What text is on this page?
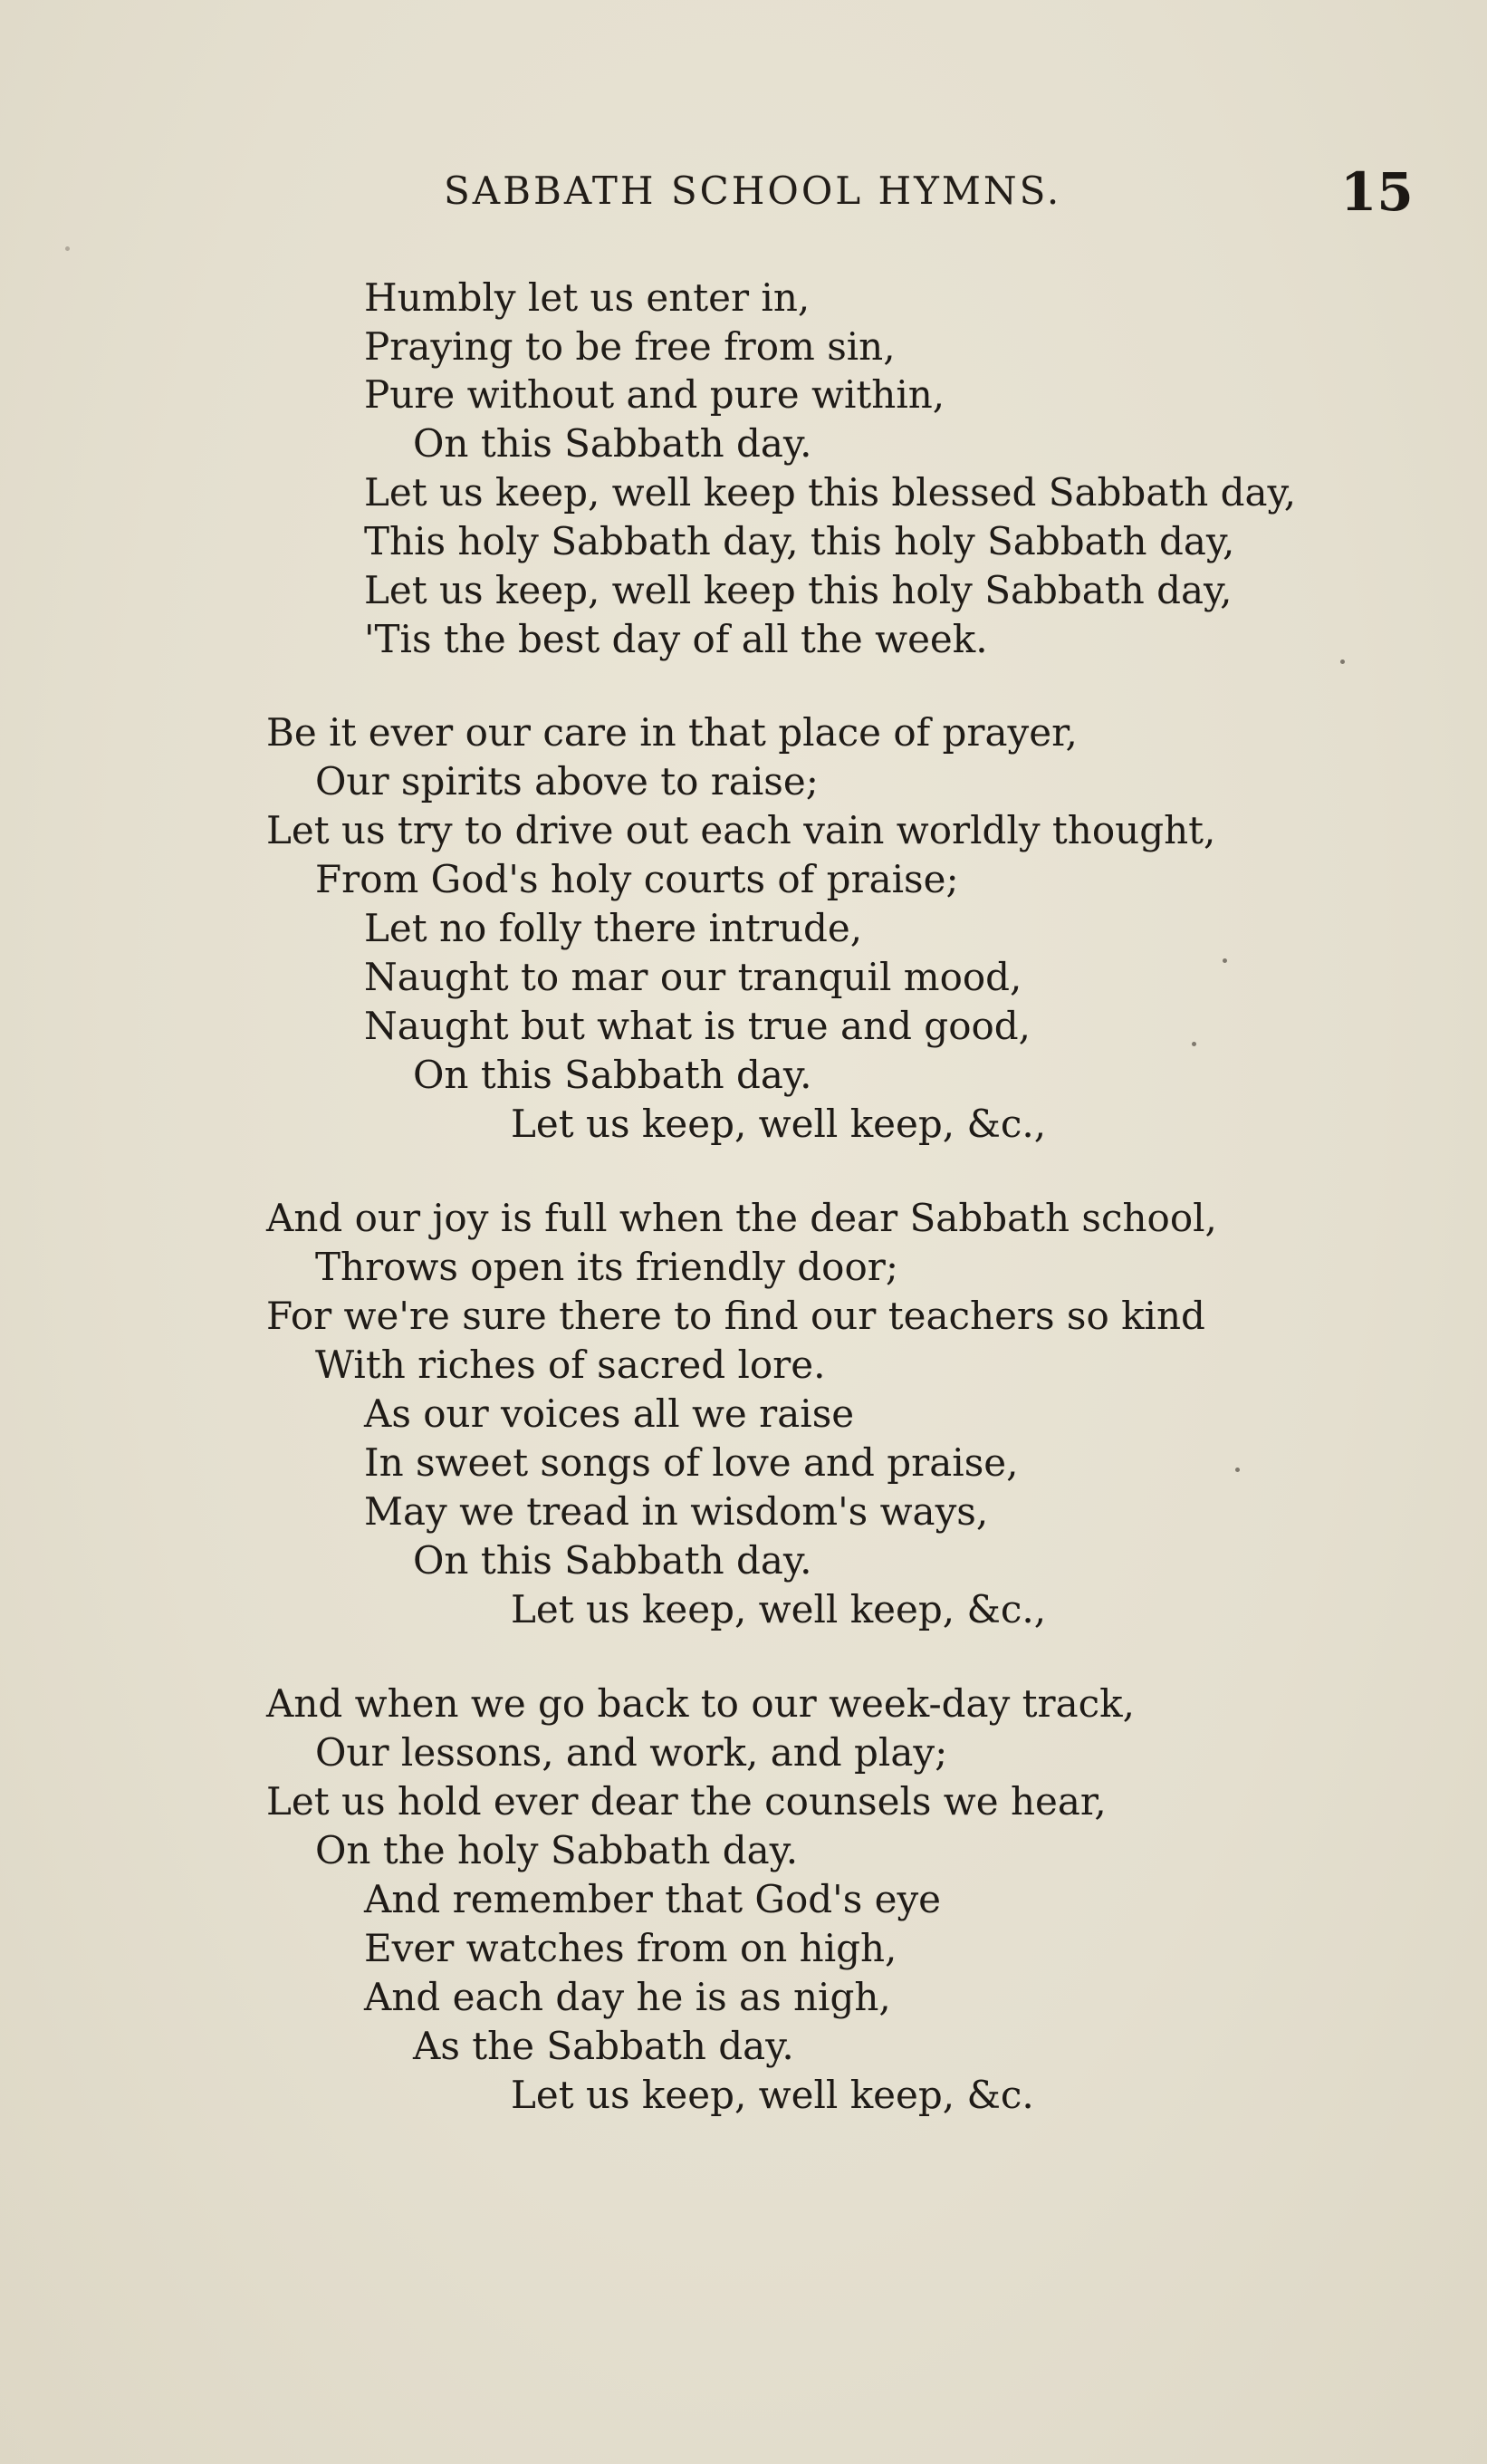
SABBATH SCHOOL HYMNS.	15
Humbly let us enter in,
Praying to be free from sin,
Pure without and pure within,
On this Sabbath day.
Let us keep, well keep this blessed Sabbath day,
This holy Sabbath day, this holy Sabbath day,
Let us keep, well keep this holy Sabbath day,
'Tis the best day of all the week.
Be it ever our care in that place of prayer,
Our spirits above to raise;
Let us try to drive out each vain worldly thought,
From God's holy courts of praise;
Let no folly there intrude,
Naught to mar our tranquil mood,
Naught but what is true and good,
On this Sabbath day.
Let us keep, well keep, &c.,
And our joy is full when the dear Sabbath school,
Throws open its friendly door;
For we're sure there to find our teachers so kind
With riches of sacred lore.
As our voices all we raise
In sweet songs of love and praise,
May we tread in wisdom's ways,
On this Sabbath day.
Let us keep, well keep, &c.,
And when we go back to our week-day track,
Our lessons, and work, and play;
Let us hold ever dear the counsels we hear,
On the holy Sabbath day.
And remember that God's eye
Ever watches from on high,
And each day he is as nigh,
As the Sabbath day.
Let us keep, well keep, &c.
